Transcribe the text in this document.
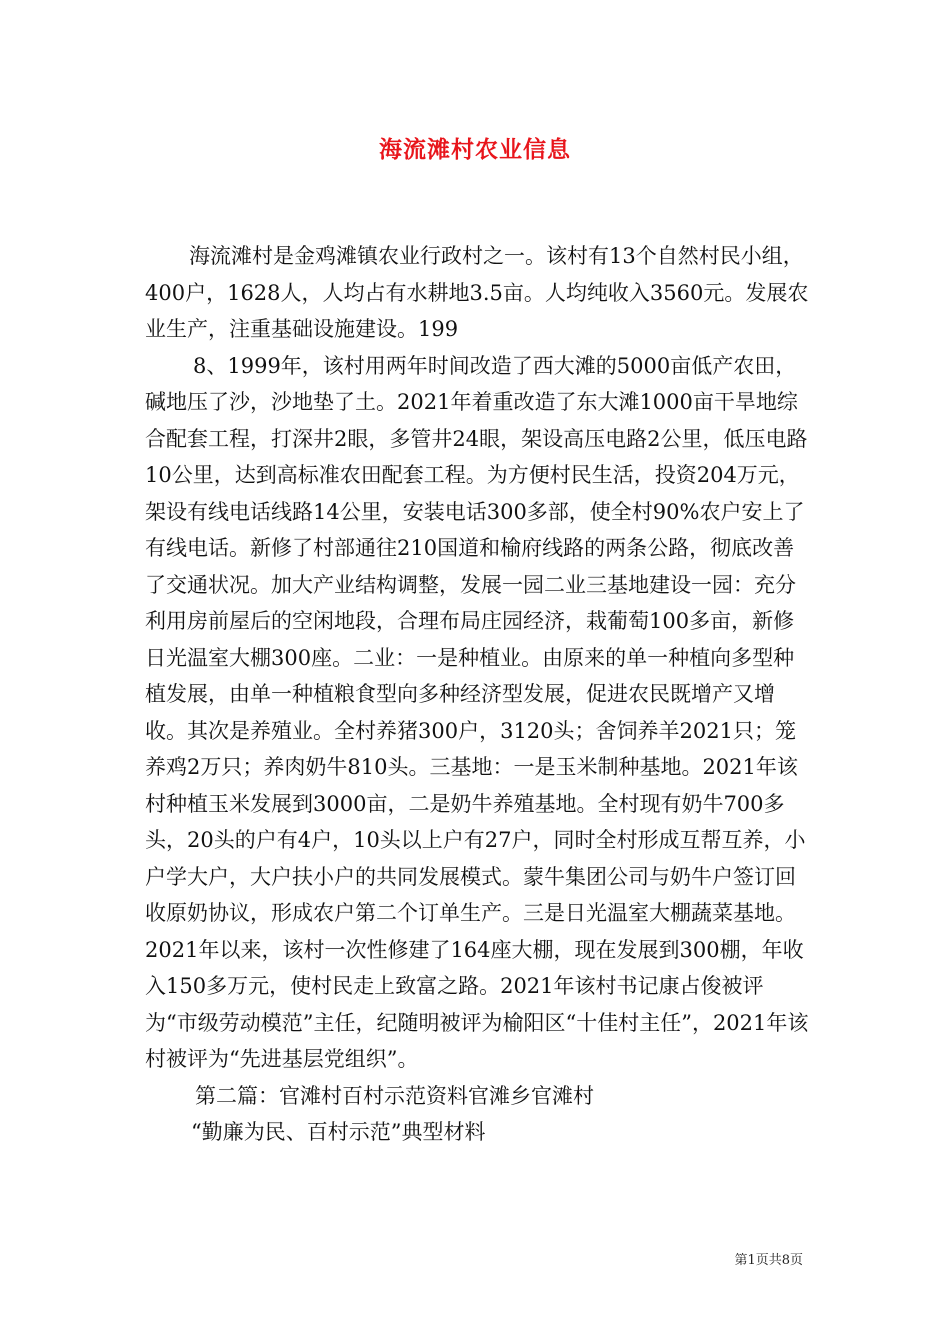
海流滩村农业信息

海流滩村是金鸡滩镇农业行政村之一。该村有13个自然村民小组，400户，1628人，人均占有水耕地3.5亩。人均纯收入3560元。发展农业生产，注重基础设施建设。199

8、1999年，该村用两年时间改造了西大滩的5000亩低产农田，碱地压了沙，沙地垫了土。2021年着重改造了东大滩1000亩干旱地综合配套工程，打深井2眼，多管井24眼，架设高压电路2公里，低压电路10公里，达到高标准农田配套工程。为方便村民生活，投资204万元，架设有线电话线路14公里，安装电话300多部，使全村90%农户安上了有线电话。新修了村部通往210国道和榆府线路的两条公路，彻底改善了交通状况。加大产业结构调整，发展一园二业三基地建设一园：充分利用房前屋后的空闲地段，合理布局庄园经济，栽葡萄100多亩，新修日光温室大棚300座。二业：一是种植业。由原来的单一种植向多型种植发展，由单一种植粮食型向多种经济型发展，促进农民既增产又增收。其次是养殖业。全村养猪300户，3120头；舍饲养羊2021只；笼养鸡2万只；养肉奶牛810头。三基地：一是玉米制种基地。2021年该村种植玉米发展到3000亩，二是奶牛养殖基地。全村现有奶牛700多头，20头的户有4户，10头以上户有27户，同时全村形成互帮互养，小户学大户，大户扶小户的共同发展模式。蒙牛集团公司与奶牛户签订回收原奶协议，形成农户第二个订单生产。三是日光温室大棚蔬菜基地。2021年以来，该村一次性修建了164座大棚，现在发展到300棚，年收入150多万元，使村民走上致富之路。2021年该村书记康占俊被评为“市级劳动模范”主任，纪随明被评为榆阳区“十佳村主任”，2021年该村被评为“先进基层党组织”。

第二篇：官滩村百村示范资料官滩乡官滩村

“勤廉为民、百村示范”典型材料

第1页共8页
